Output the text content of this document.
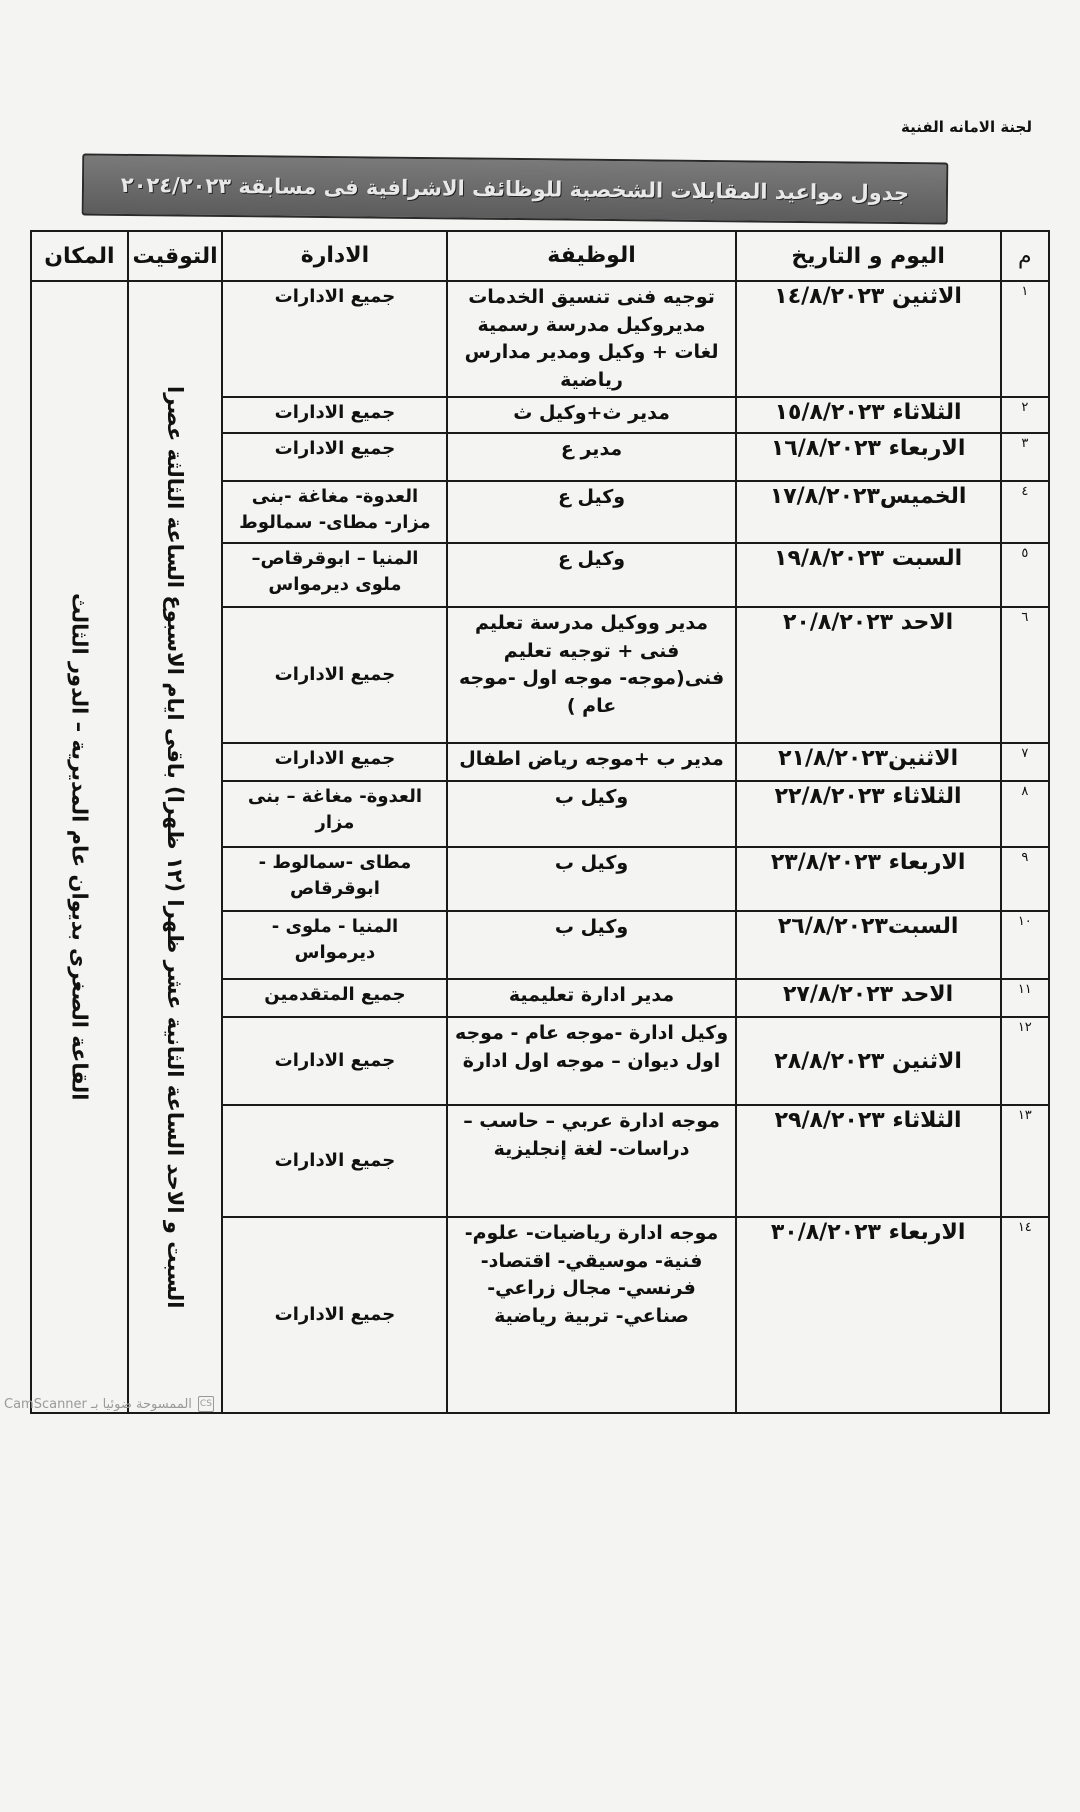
لجنة الامانه الفنية
جدول مواعيد المقابلات الشخصية للوظائف الاشرافية فى مسابقة ٢٠٢٤/٢٠٢٣
م	اليوم و التاريخ	الوظيفة	الادارة	التوقيت	المكان
١	الاثنين ١٤/٨/٢٠٢٣	توجيه فنى تنسيق الخدمات مديروكيل مدرسة رسمية لغات + وكيل ومدير مدارس رياضية	جميع الادارات	السبت و الاحد الساعة الثانية عشر ظهرا (١٢ ظهرا) باقى ايام الاسبوع الساعة الثالثة عصرا	القاعة الصغرى بديوان عام المديرية – الدور الثالث

٢	الثلاثاء ١٥/٨/٢٠٢٣	مدير ث+وكيل ث	جميع الادارات		
٣	الاربعاء ١٦/٨/٢٠٢٣	مدير ع	جميع الادارات		
٤	الخميس١٧/٨/٢٠٢٣	وكيل ع	العدوة- مغاغة -بنى مزار- مطاى- سمالوط		
٥	السبت ١٩/٨/٢٠٢٣	وكيل ع	المنيا – ابوقرقاص– ملوى ديرمواس		
٦	الاحد ٢٠/٨/٢٠٢٣	مدير ووكيل مدرسة تعليم فنى + توجيه تعليم فنى(موجه- موجه اول -موجه عام )	جميع الادارات		
٧	الاثنين٢١/٨/٢٠٢٣	مدير ب +موجه رياض اطفال	جميع الادارات		
٨	الثلاثاء ٢٢/٨/٢٠٢٣	وكيل ب	العدوة- مغاغة – بنى مزار		
٩	الاربعاء ٢٣/٨/٢٠٢٣	وكيل ب	مطاى -سمالوط - ابوقرقاص		
١٠	السبت٢٦/٨/٢٠٢٣	وكيل ب	المنيا - ملوى - ديرمواس		
١١	الاحد ٢٧/٨/٢٠٢٣	مدير ادارة تعليمية	جميع المتقدمين		
١٢	الاثنين ٢٨/٨/٢٠٢٣	وكيل ادارة -موجه عام - موجه اول ديوان – موجه اول ادارة	جميع الادارات		
١٣	الثلاثاء ٢٩/٨/٢٠٢٣	موجه ادارة عربي – حاسب – دراسات- لغة إنجليزية	جميع الادارات		
١٤	الاربعاء ٣٠/٨/٢٠٢٣	موجه ادارة رياضيات- علوم- فنية- موسيقي- اقتصاد- فرنسي- مجال زراعي- صناعي- تربية رياضية	جميع الادارات		
CS
الممسوحة ضوئيا بـ CamScanner
